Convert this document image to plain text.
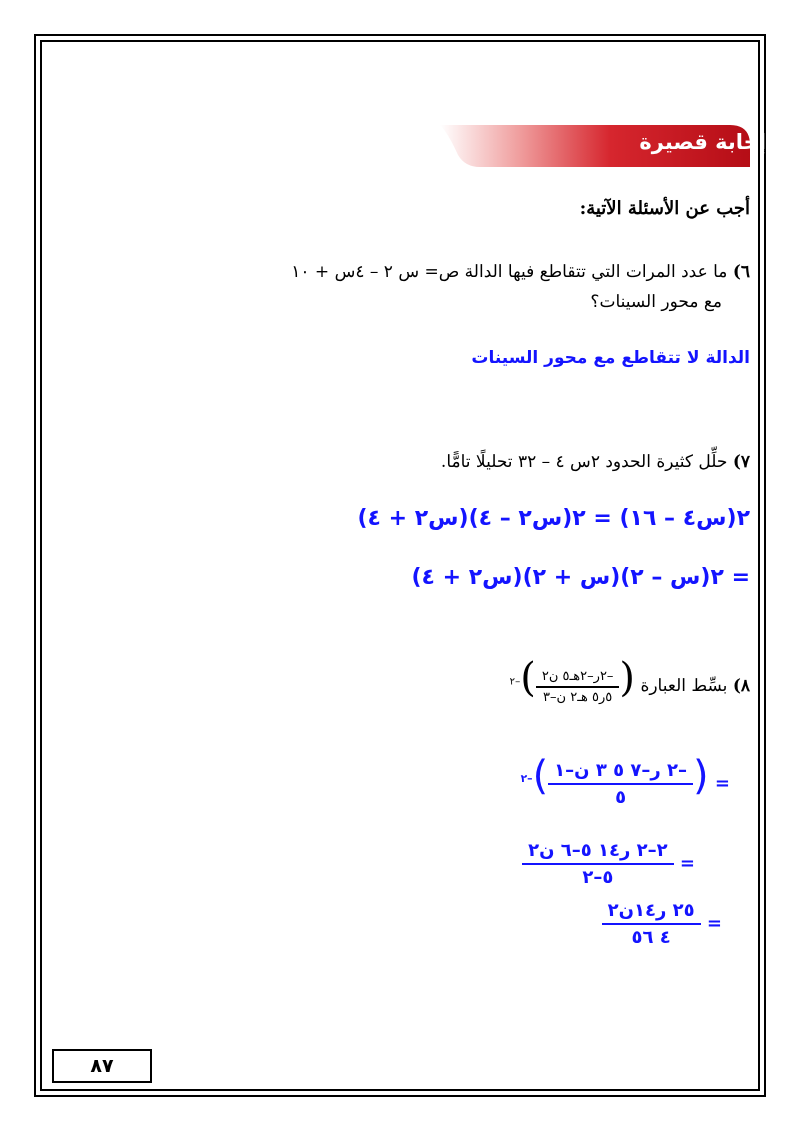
إجابة قصيرة
أجب عن الأسئلة الآتية:
٦) ما عدد المرات التي تتقاطع فيها الدالة ص= س ٢ – ٤س + ١٠
مع محور السينات؟
الدالة لا تتقاطع مع محور السينات
٧) حلِّل كثيرة الحدود ٢س ٤ – ٣٢ تحليلًا تامًّا.
٢(س٤ – ١٦) = ٢(س٢ – ٤)(س٢ + ٤)
= ٢(س – ٢)(س + ٢)(س٢ + ٤)
٨) بسِّط العبارة (
$\frac{\text{–٢ر–٢هـ٥ ن٢}}{\text{٥ر٥ هـ٢ ن–٣}}$
)$^{-٢}$
= (
$\frac{\text{–٢ ر–٧ ٥ ٣ ن–١}}{٥}$
)$^{-٢}$
=
$\frac{\text{٢–٢ ر١٤ ٥–٦ ن٢}}{٥-٢}$
=
$\frac{\text{٢٥ ر١٤ن٢}}{٤ ٥٦}$
٨٧
